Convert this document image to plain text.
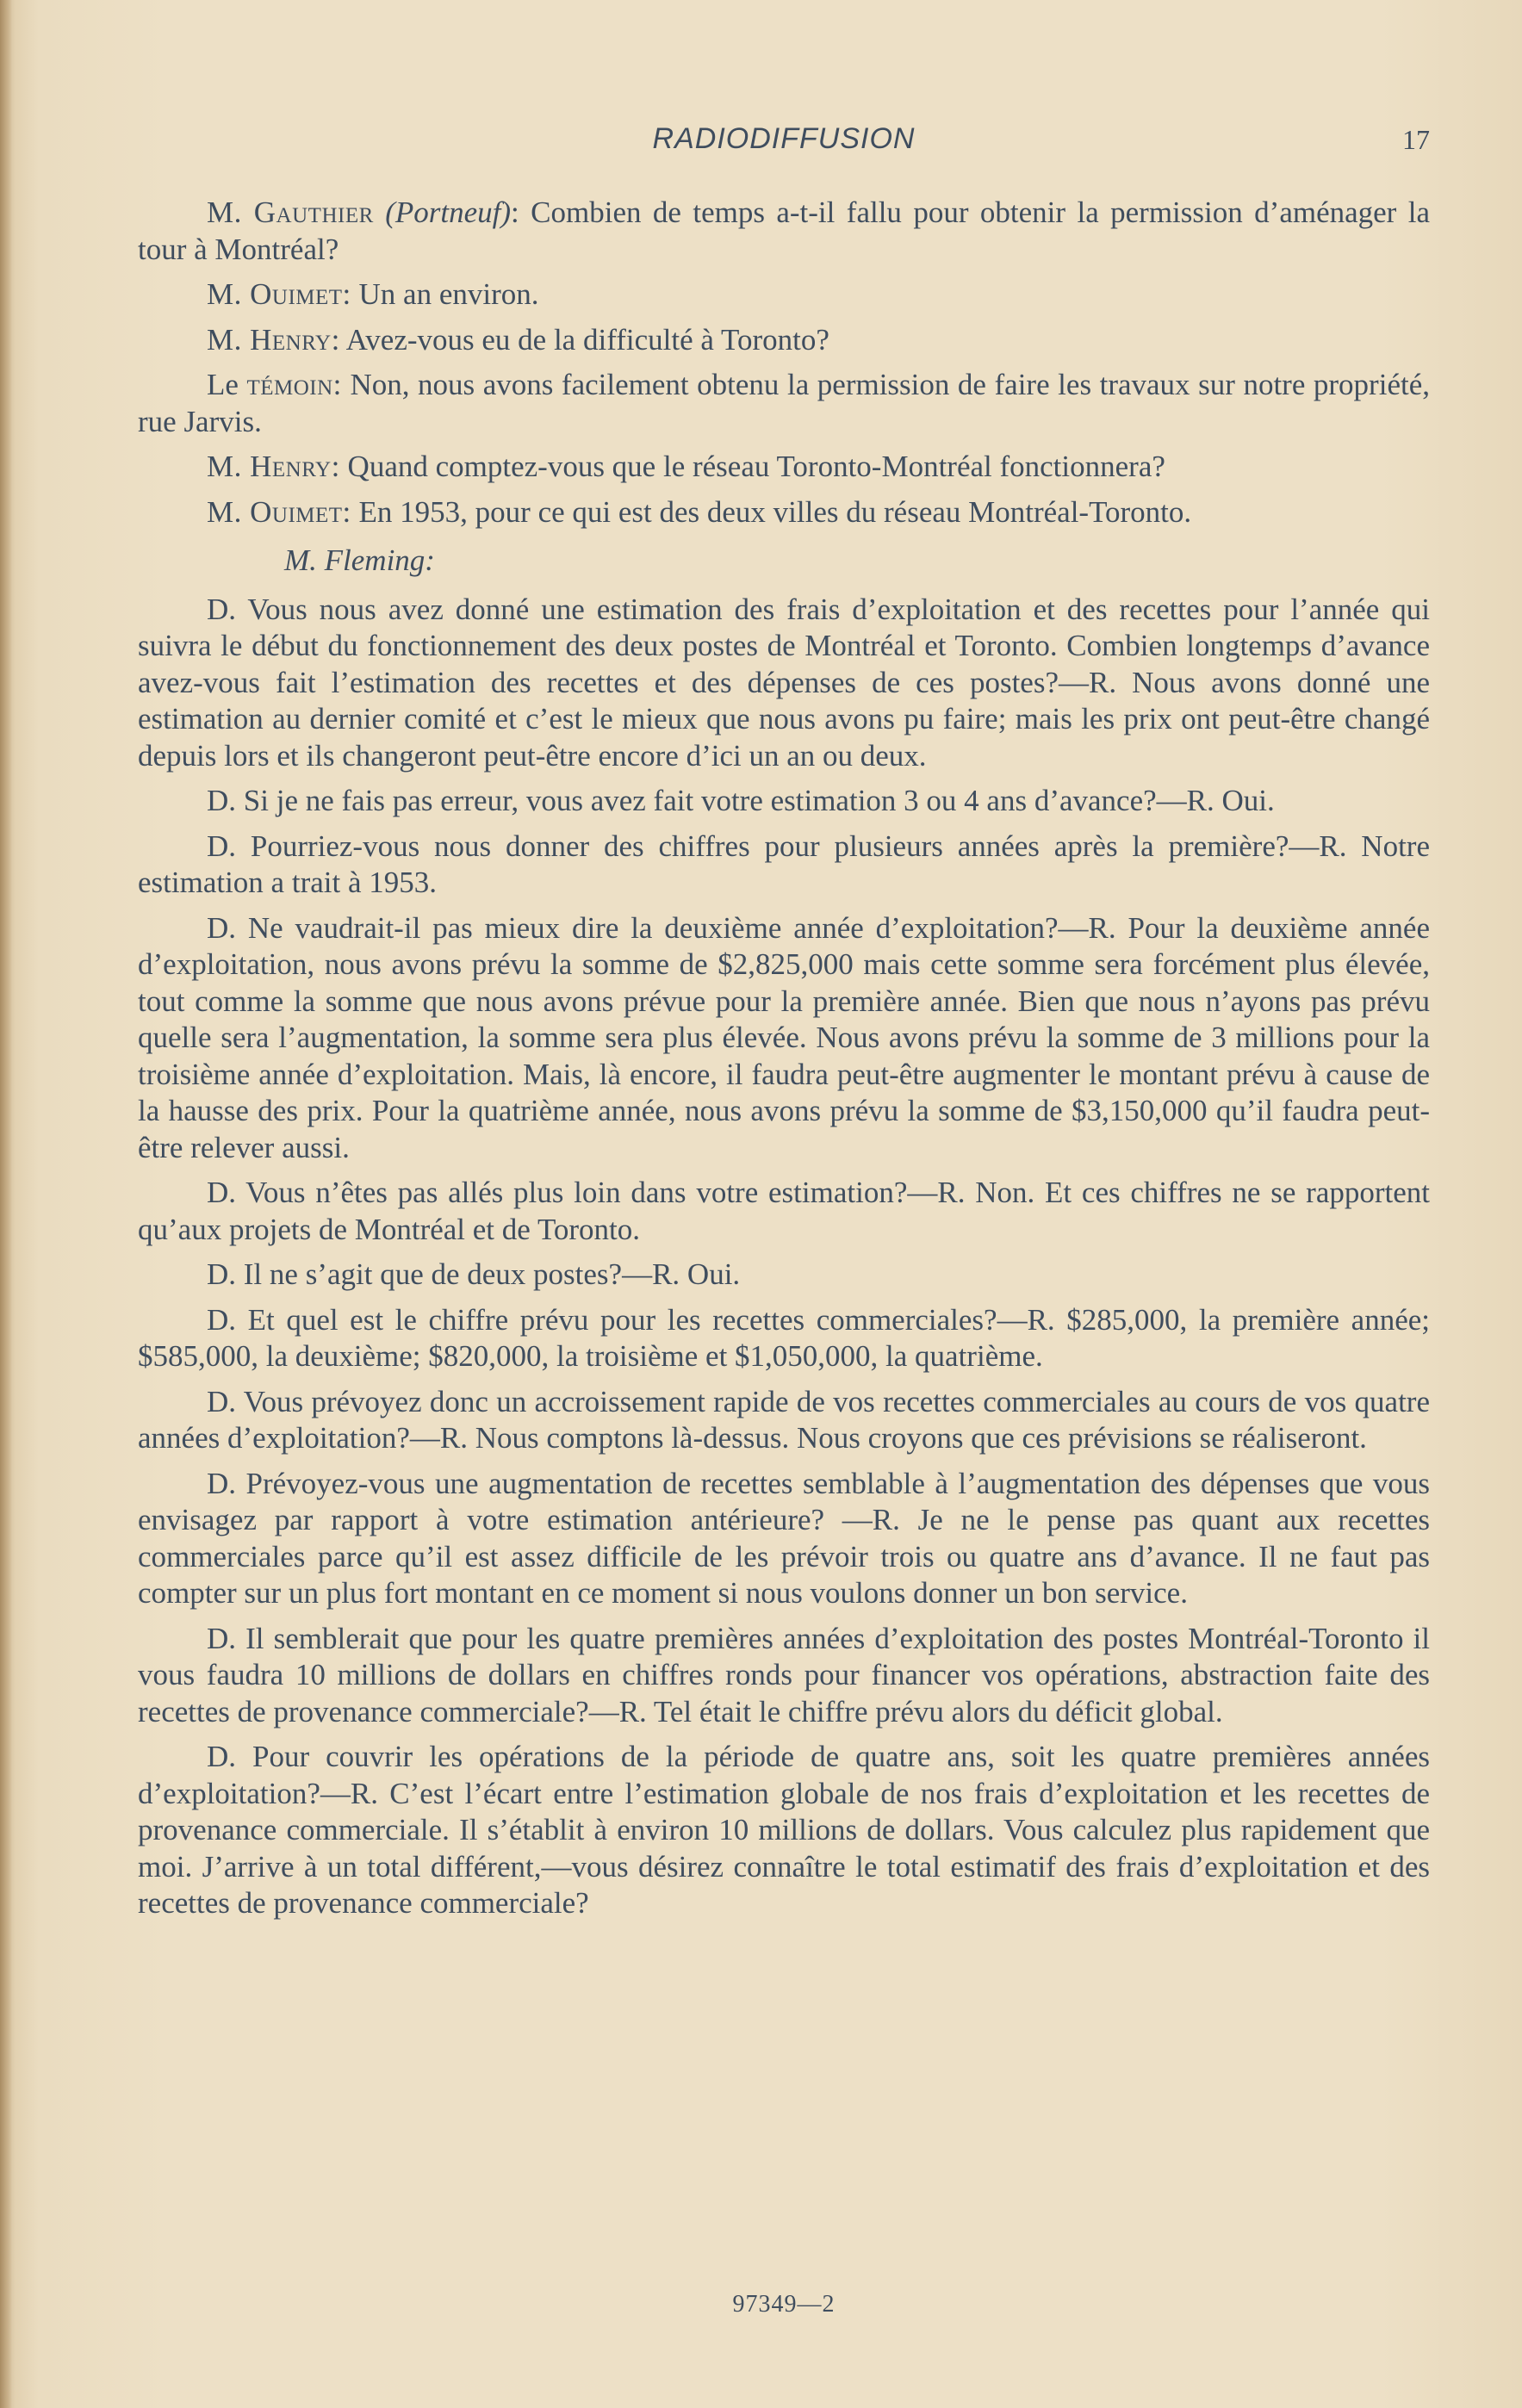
RADIODIFFUSION	17

M. Gauthier (Portneuf): Combien de temps a-t-il fallu pour obtenir la permission d’aménager la tour à Montréal?

M. Ouimet: Un an environ.

M. Henry: Avez-vous eu de la difficulté à Toronto?

Le témoin: Non, nous avons facilement obtenu la permission de faire les travaux sur notre propriété, rue Jarvis.

M. Henry: Quand comptez-vous que le réseau Toronto-Montréal fonctionnera?

M. Ouimet: En 1953, pour ce qui est des deux villes du réseau Montréal-Toronto.

M. Fleming:

D. Vous nous avez donné une estimation des frais d’exploitation et des recettes pour l’année qui suivra le début du fonctionnement des deux postes de Montréal et Toronto. Combien longtemps d’avance avez-vous fait l’estimation des recettes et des dépenses de ces postes?—R. Nous avons donné une estimation au dernier comité et c’est le mieux que nous avons pu faire; mais les prix ont peut-être changé depuis lors et ils changeront peut-être encore d’ici un an ou deux.

D. Si je ne fais pas erreur, vous avez fait votre estimation 3 ou 4 ans d’avance?—R. Oui.

D. Pourriez-vous nous donner des chiffres pour plusieurs années après la première?—R. Notre estimation a trait à 1953.

D. Ne vaudrait-il pas mieux dire la deuxième année d’exploitation?—R. Pour la deuxième année d’exploitation, nous avons prévu la somme de $2,825,000 mais cette somme sera forcément plus élevée, tout comme la somme que nous avons prévue pour la première année. Bien que nous n’ayons pas prévu quelle sera l’augmentation, la somme sera plus élevée. Nous avons prévu la somme de 3 millions pour la troisième année d’exploitation. Mais, là encore, il faudra peut-être augmenter le montant prévu à cause de la hausse des prix. Pour la quatrième année, nous avons prévu la somme de $3,150,000 qu’il faudra peut-être relever aussi.

D. Vous n’êtes pas allés plus loin dans votre estimation?—R. Non. Et ces chiffres ne se rapportent qu’aux projets de Montréal et de Toronto.

D. Il ne s’agit que de deux postes?—R. Oui.

D. Et quel est le chiffre prévu pour les recettes commerciales?—R. $285,000, la première année; $585,000, la deuxième; $820,000, la troisième et $1,050,000, la quatrième.

D. Vous prévoyez donc un accroissement rapide de vos recettes commerciales au cours de vos quatre années d’exploitation?—R. Nous comptons là-dessus. Nous croyons que ces prévisions se réaliseront.

D. Prévoyez-vous une augmentation de recettes semblable à l’augmentation des dépenses que vous envisagez par rapport à votre estimation antérieure? —R. Je ne le pense pas quant aux recettes commerciales parce qu’il est assez difficile de les prévoir trois ou quatre ans d’avance. Il ne faut pas compter sur un plus fort montant en ce moment si nous voulons donner un bon service.

D. Il semblerait que pour les quatre premières années d’exploitation des postes Montréal-Toronto il vous faudra 10 millions de dollars en chiffres ronds pour financer vos opérations, abstraction faite des recettes de provenance commerciale?—R. Tel était le chiffre prévu alors du déficit global.

D. Pour couvrir les opérations de la période de quatre ans, soit les quatre premières années d’exploitation?—R. C’est l’écart entre l’estimation globale de nos frais d’exploitation et les recettes de provenance commerciale. Il s’établit à environ 10 millions de dollars. Vous calculez plus rapidement que moi. J’arrive à un total différent,—vous désirez connaître le total estimatif des frais d’exploitation et des recettes de provenance commerciale?

97349—2
